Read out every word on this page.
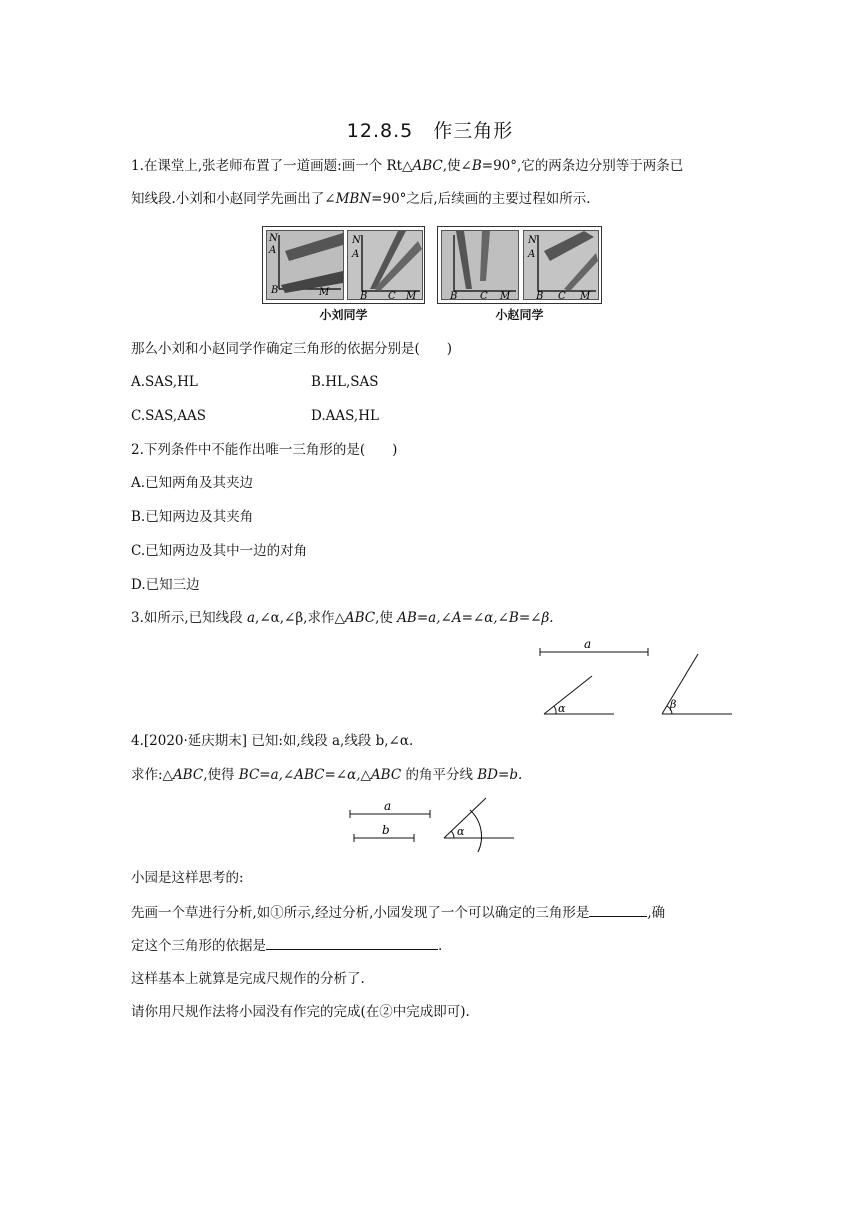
12.8.5　作三角形
1.在课堂上,张老师布置了一道画题:画一个 Rt△ABC,使∠B=90°,它的两条边分别等于两条已
知线段.小刘和小赵同学先画出了∠MBN=90°之后,后续画的主要过程如所示.
N
A
B	M
N
A
B C M	B C M
N
A
B C M
小刘同学	小赵同学
那么小刘和小赵同学作确定三角形的依据分别是(　　)
A.SAS,HL	B.HL,SAS
C.SAS,AAS	D.AAS,HL
2.下列条件中不能作出唯一三角形的是(　　)
A.已知两角及其夹边
B.已知两边及其夹角
C.已知两边及其中一边的对角
D.已知三边
3.如所示,已知线段 a,∠α,∠β,求作△ABC,使 AB=a,∠A=∠α,∠B=∠β.
a
α	β
4.[2020·延庆期末] 已知:如,线段 a,线段 b,∠α.
求作:△ABC,使得 BC=a,∠ABC=∠α,△ABC 的角平分线 BD=b.
a
b	α
小园是这样思考的:
先画一个草进行分析,如①所示,经过分析,小园发现了一个可以确定的三角形是	,确
定这个三角形的依据是	.
这样基本上就算是完成尺规作的分析了.
请你用尺规作法将小园没有作完的完成(在②中完成即可).
